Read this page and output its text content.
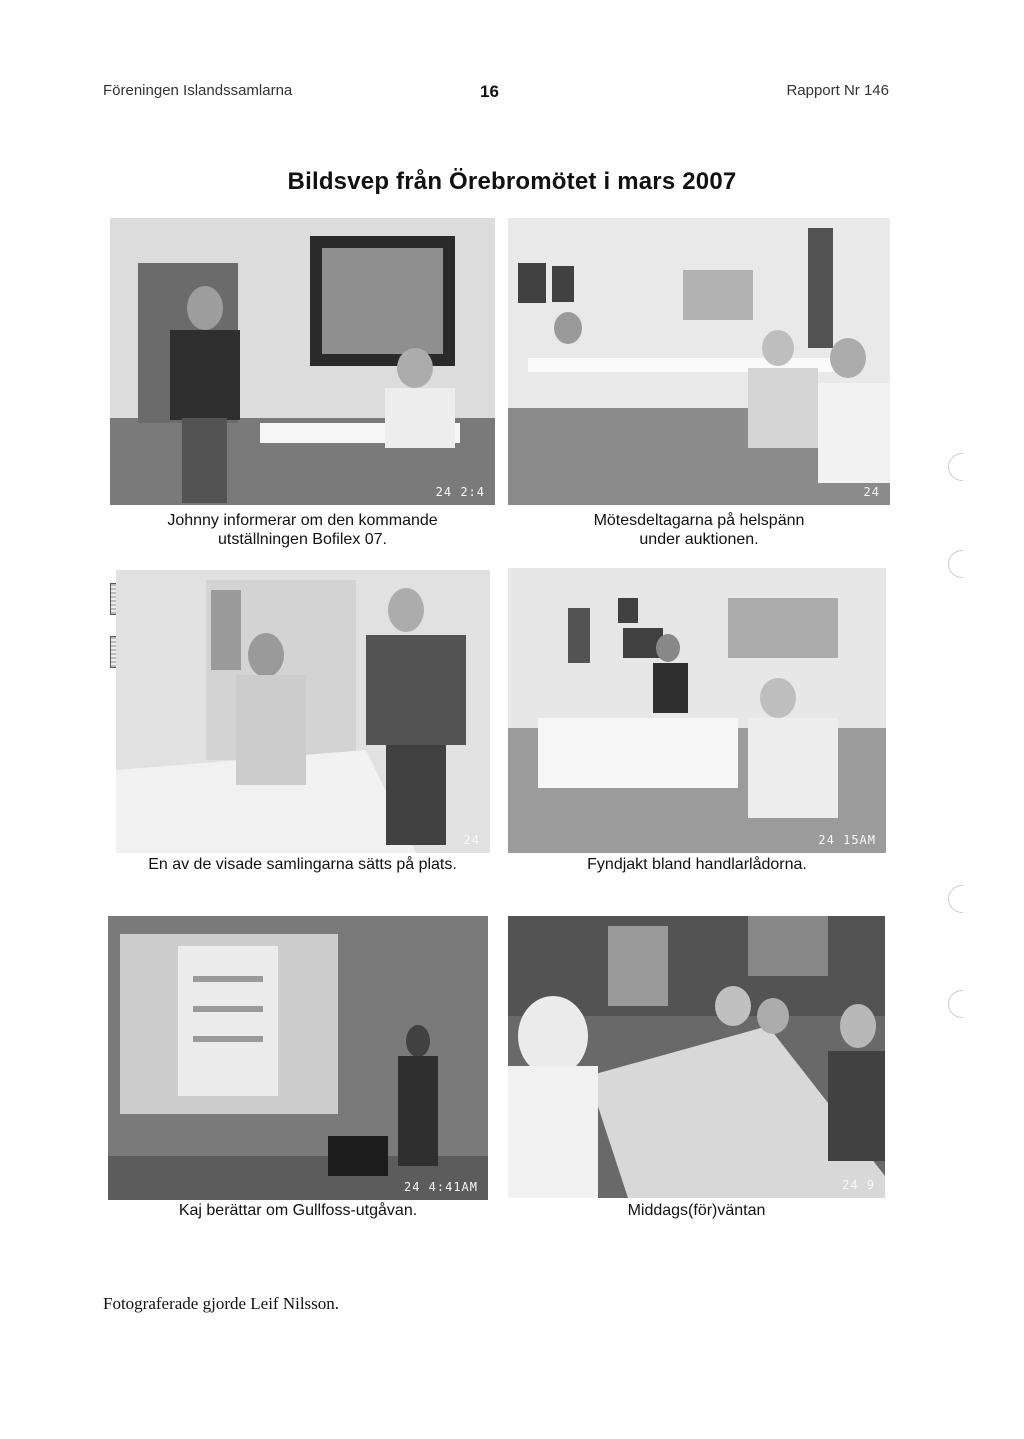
Föreningen Islandssamlarna	16	Rapport Nr 146
Bildsvep från Örebromötet i mars 2007
24 2:4
Johnny informerar om den kommande
utställningen Bofilex 07.
24
Mötesdeltagarna på helspänn
under auktionen.
24
En av de visade samlingarna sätts på plats.
24 15AM
Fyndjakt bland handlarlådorna.
24 4:41AM
Kaj berättar om Gullfoss-utgåvan.
24 9
Middags(för)väntan
Fotograferade gjorde Leif Nilsson.
